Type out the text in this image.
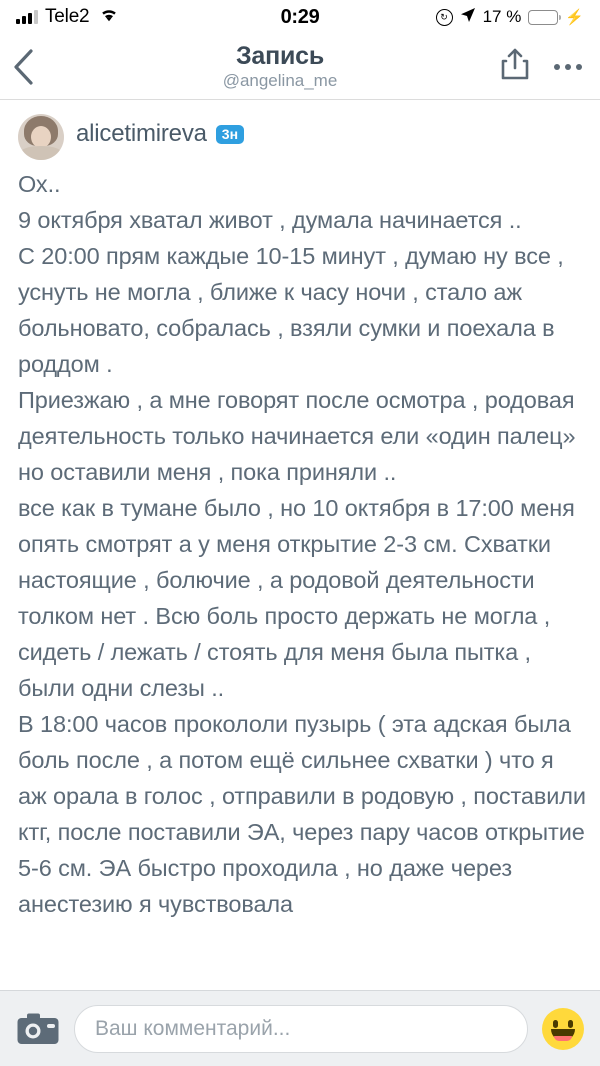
Tele2	0:29	↻ 17 %	⚡
Запись
@angelina_me
alicetimireva	3н

Ох..

9 октября хватал живот , думала начинается ..

С 20:00 прям каждые 10-15 минут , думаю ну все , уснуть не могла , ближе к часу ночи , стало аж больновато, собралась , взяли сумки и поехала в роддом .

Приезжаю , а мне говорят после осмотра , родовая деятельность только начинается ели «один палец» но оставили меня , пока приняли ..

все как в тумане было , но 10 октября в 17:00 меня опять смотрят а у меня открытие 2-3 см. Схватки настоящие , болючие , а родовой деятельности толком нет . Всю боль просто держать не могла , сидеть / лежать / стоять для меня была пытка , были одни слезы ..

В 18:00 часов прокололи пузырь ( эта адская была боль после , а потом ещё сильнее схватки ) что я аж орала в голос , отправили в родовую , поставили ктг, после поставили ЭА, через пару часов открытие 5-6 см. ЭА быстро проходила , но даже через анестезию я чувствовала

Ваш комментарий...
